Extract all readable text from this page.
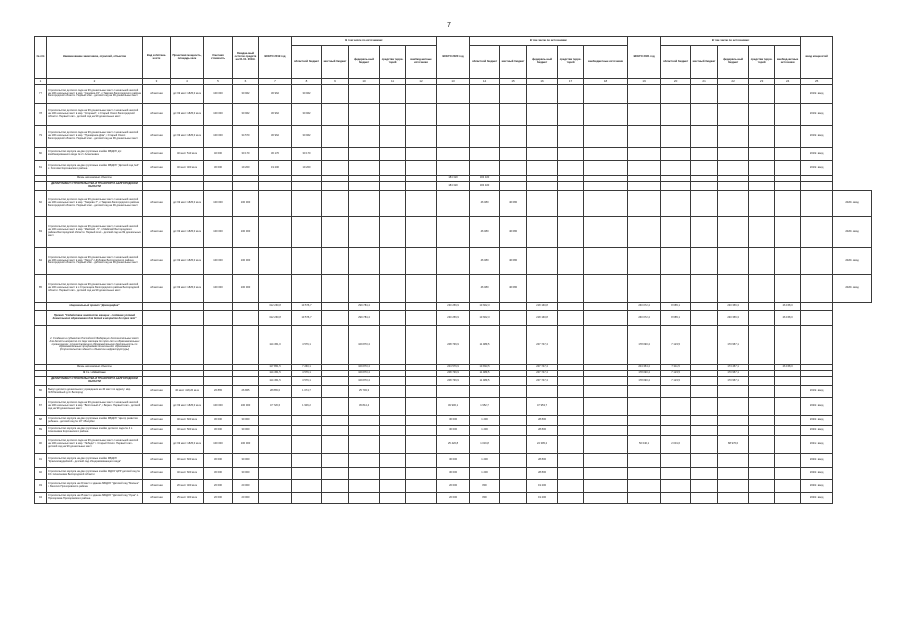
7
№ п/п	Наименование заказчиков, отраслей, объектов	Вид собствен-ности	Проектная мощность, площадь кв.м	Сметная стоимость	Ожидае-мый остаток средств на 01.01. 2019г.	ВСЕГО 2019 год	В том числе по источникам:					ВСЕГО 2020 год	В том числе по источникам:					ВСЕГО 2021 год	В том числе по источникам:					ввод мощностей	
							областной бюджет	местный бюджет	федераль-ный бюджет	средства терри-торий	внебюд-жетные источники		областной бюджет	местный бюджет	федераль-ный бюджет	средства терри-торий	внебюджетные источники		областной бюджет	местный бюджет	федераль-ный бюджет	средства терри-торий	внебюд-жетные источники		
1	2	3	4	5	6	7	8	9	10	11	12	13	14	15	16	17	18	19	20	21	22	23	24	25	
77	Строительство детского сада на 99 дошкольных мест с начальной школой на 100 школьных мест в мкр. "Садовое-15", с.Таврово Белгородского района Белгородской области. Первый этап - детский сад на 99 дошкольных мест	областная	д/с 99 мест 1825,0 кв.м	100 000	30 962	30 962	30 962																	2019г. ввод	
78	Строительство детского сада на 99 дошкольных мест с начальной школой на 100 школьных мест в мкр. "Спорный", с.Старый Оскол Белгородской области. Первый этап - детский сад на 99 дошкольных мест	областная	д/с 99 мест 1825,0 кв.м	100 000	30 962	30 962	30 962																	2019г. ввод	
79	Строительство детского сада на 99 дошкольных мест с начальной школой на 100 школьных мест в мкр. "Пушкарное-Дом", г.Старый Оскол Белгородской области. Первый этап - детский сад на 99 дошкольных мест	областная	д/с 99 мест 1825,0 кв.м	100 000	34 570	30 962	30 962																	2019г. ввод	
80	Строительство корпуса на две групповые ячейки МБДОУ д/с комбинированного вида № 2 г.Алексеевка	областная	40 мест 513 кв.м	40 000	30 170	30 170	30 170																	2019г. ввод	
81	Строительство корпуса на две групповые ячейки МБДОУ "Детский сад №4" с. Хохлово Корочанского района	областная	40 мест 400 кв.м	30 000	19 200	19 200	19 200																	2019г. ввод	
	Вновь начинаемые объекты											184 320	184 320												
	ДЕПАРТАМЕНТ СТРОИТЕЛЬСТВА И ТРАНСПОРТА БЕЛГОРОДСКОЙ ОБЛАСТИ											184 320	184 320												
82	Строительство детского сада на 99 дошкольных мест с начальной школой на 100 школьных мест в мкр. "Таврово-7", с.Таврово Белгородского района Белгородской области. Первый этап - детский сад на 99 дошкольных мест	областная	д/с 99 мест 1825,0 кв.м	100 000	100 000								46 080	46 080											2020г. ввод
83	Строительство детского сада на 99 дошкольных мест с начальной школой на 100 школьных мест в мкр. "Майский - 5", п.Майский Белгородского района Белгородской области. Первый этап - детский сад на 99 дошкольных мест	областная	д/с 99 мест 1825,0 кв.м	100 000	100 000								46 080	46 080											2020г. ввод
84	Строительство детского сада на 99 дошкольных мест с начальной школой на 100 школьных мест в мкр. "Парус" с.Дубовое Белгородского района Белгородской области. Первый этап - детский сад на 99 дошкольных мест	областная	д/с 99 мест 1825,0 кв.м	100 000	100 000								46 080	46 080											2020г. ввод
85	Строительство детского сада на 99 дошкольных мест с начальной школой на 100 школьных мест в с.Стрелецкое Белгородского района Белгородской области. Первый этап - детский сад на 99 дошкольных мест	областная	д/с 99 мест 1825,0 кв.м	100 000	100 000								46 080	46 080											2020г. ввод
	Национальный проект "Демография"					312 260,8	10 576,7		299 784,4			230 256,9	10 662,3		218 160,8			260 072,4	8 685,1		230 356,3		26 158,0		
	Проект "Содействие занятости женщин - создание условий дошкольного образования для детей в возрасте до трех лет"					312 260,8	10 576,7		299 784,4			230 256,9	10 662,3		218 160,8			260 072,4	8 685,1		230 356,3		26 158,0		
	2. Создание в субъектах Российской Федерации дополнительных мест для детей в возрасте от двух месяцев до трех лет в образовательных организациях, осуществляющих образовательную деятельность по образовательным программам дошкольного образования (Строительство зданий и объектов инфраструктуры)					114 451,0	4 576,1		109 873,4			208 736,9	11 989,5		207 747,4			178 090,4	7 123,5		170 957,1				
	Вновь начинаемые объекты					117 851,5	7 260,1		109 873,4			204 576,9	10 833,5		207 747,4			204 354,4	7 311,5		173 457,1		26 158,0		
	В т.ч.: областные					114 451,5	4 576,1		109 873,4			208 736,9	11 989,5		207 747,4			178 090,4	7 123,5		170 957,1				
	ДЕПАРТАМЕНТ СТРОИТЕЛЬСТВА И ТРАНСПОРТА БЕЛГОРОДСКОЙ ОБЛАСТИ					114 451,5	4 576,1		109 873,4			208 736,9	11 989,5		207 747,4			178 090,4	7 123,5		170 957,1				
86	Выкуп детского дошкольного учреждения на 40 мест по адресу: мкр. Э.Юбилейный д.4 г.Белгород	областная	40 мест 418,26 кв.м	26 865	26 865	28 865,0	1 074,7		25 793,3															2019г. ввод	
87	Строительство детского сада на 99 дошкольных мест с начальной школой на 100 школьных мест в мкр. "Восточный-1", г.Бирюч. Первый этап - детский сад на 99 дошкольных мест	областная	д/с 99 мест 1825,0 кв.м	100 000	100 000	47 720,6	1 906,2		45 814,4			49 906,1	1 952,7		47 953,7									2020г. ввод	
88	Строительство корпуса на две групповые ячейки МБДОУ "Центр развития ребенка - детский сад № 10" г.Валуйки	областная	40 мест 600 кв.м	30 000	30 000							30 000	1 200		28 800									2020г. ввод	
89	Строительство корпуса на две групповые ячейки детского сада № 4 с. Алексеевка Корочанского района	областная	40 мест 500 кв.м	30 000	30 000							30 000	1 200		28 800									2020г. ввод	
90	Строительство детского сада на 99 дошкольных мест с начальной школой на 100 школьных мест в мкр. "Лебеди" г. Старый Оскол. Первый этап - детский сад на 99 дошкольных мест	областная	д/с 99 мест 1825,0 кв.м	100 000	100 000							25 420,8	1 016,8		24 395,2			50 040,1	2 001,6		88 976,0			2021г. ввод	
91	Строительство корпуса на две групповые ячейки МБДОУ "Красногвардейский - детский сад общеразвивающего вида"	областная	40 мест 600 кв.м	30 000	30 000							30 000	1 200		28 800									2020г. ввод	
92	Строительство корпуса на две групповые ячейки МДОУ ЦРР детский сад № 16 г.Алексеевка Белгородской области	областная	40 мест 600 кв.м	30 000	30 000							30 000	1 200		28 800									2020г. ввод	
93	Строительство корпуса на 20 мест к зданию МБДОУ "Детский сад "Малыш" г. Бехолск Прохоровского района	областная	20 мест 400 кв.м	20 000	20 000							20 000	800		19 200									2020г. ввод	
94	Строительство корпуса на 25 мест к зданию МБДОУ "Детский сад "Луна" п. Прохоровка Прохоровского района	областная	25 мест 400 кв.м	20 000	20 000							20 000	800		19 200									2020г. ввод	
